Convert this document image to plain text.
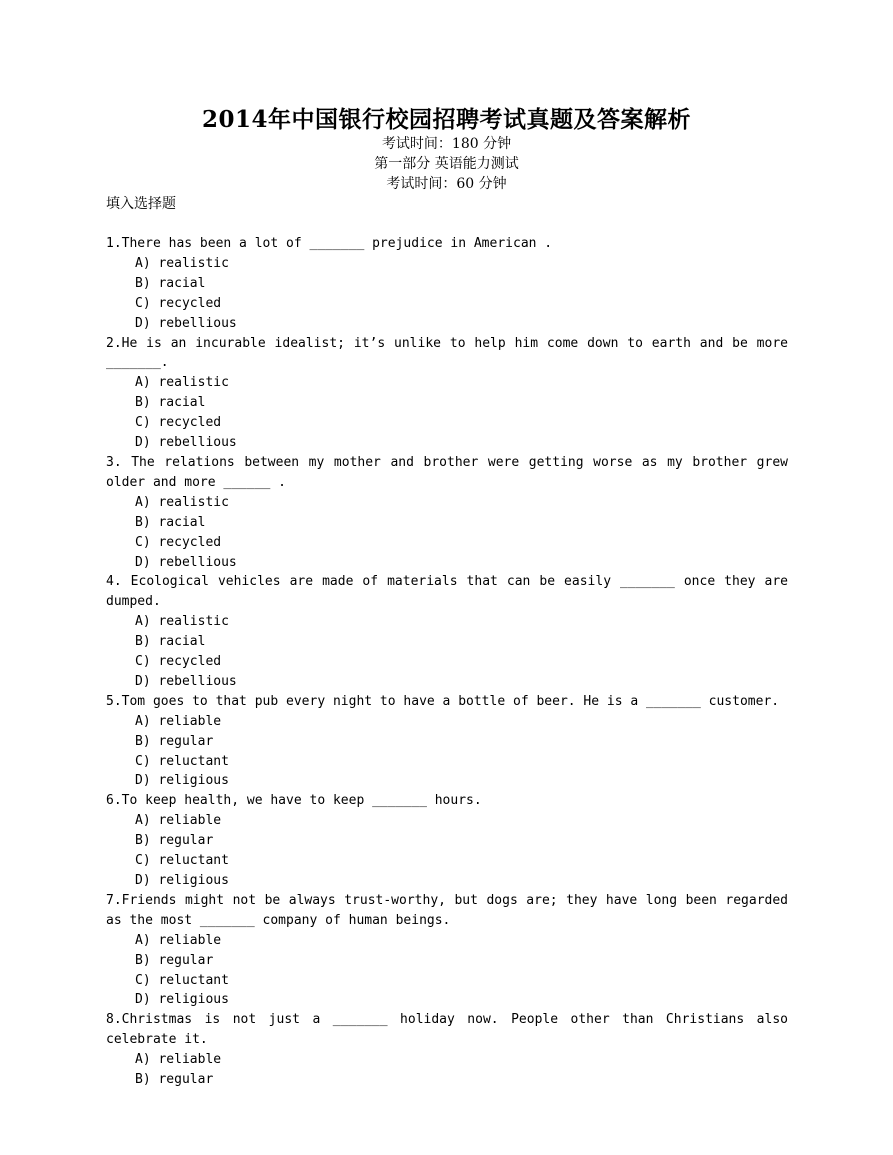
2014年中国银行校园招聘考试真题及答案解析
考试时间：180 分钟
第一部分 英语能力测试
考试时间：60 分钟
填入选择题
1.There has been a lot of _______ prejudice in American .
A) realistic
B) racial
C) recycled
D) rebellious
2.He is an incurable idealist; it’s unlike to help him come down to earth and be more _______.
A) realistic
B) racial
C) recycled
D) rebellious
3. The relations between my mother and brother were getting worse as my brother grew older and more ______ .
A) realistic
B) racial
C) recycled
D) rebellious
4. Ecological vehicles are made of materials that can be easily _______ once they are dumped.
A) realistic
B) racial
C) recycled
D) rebellious
5.Tom goes to that pub every night to have a bottle of beer. He is a _______ customer.
A) reliable
B) regular
C) reluctant
D) religious
6.To keep health, we have to keep _______ hours.
A) reliable
B) regular
C) reluctant
D) religious
7.Friends might not be always trust-worthy, but dogs are; they have long been regarded as the most _______ company of human beings.
A) reliable
B) regular
C) reluctant
D) religious
8.Christmas is not just a _______ holiday now. People other than Christians also celebrate it.
A) reliable
B) regular
